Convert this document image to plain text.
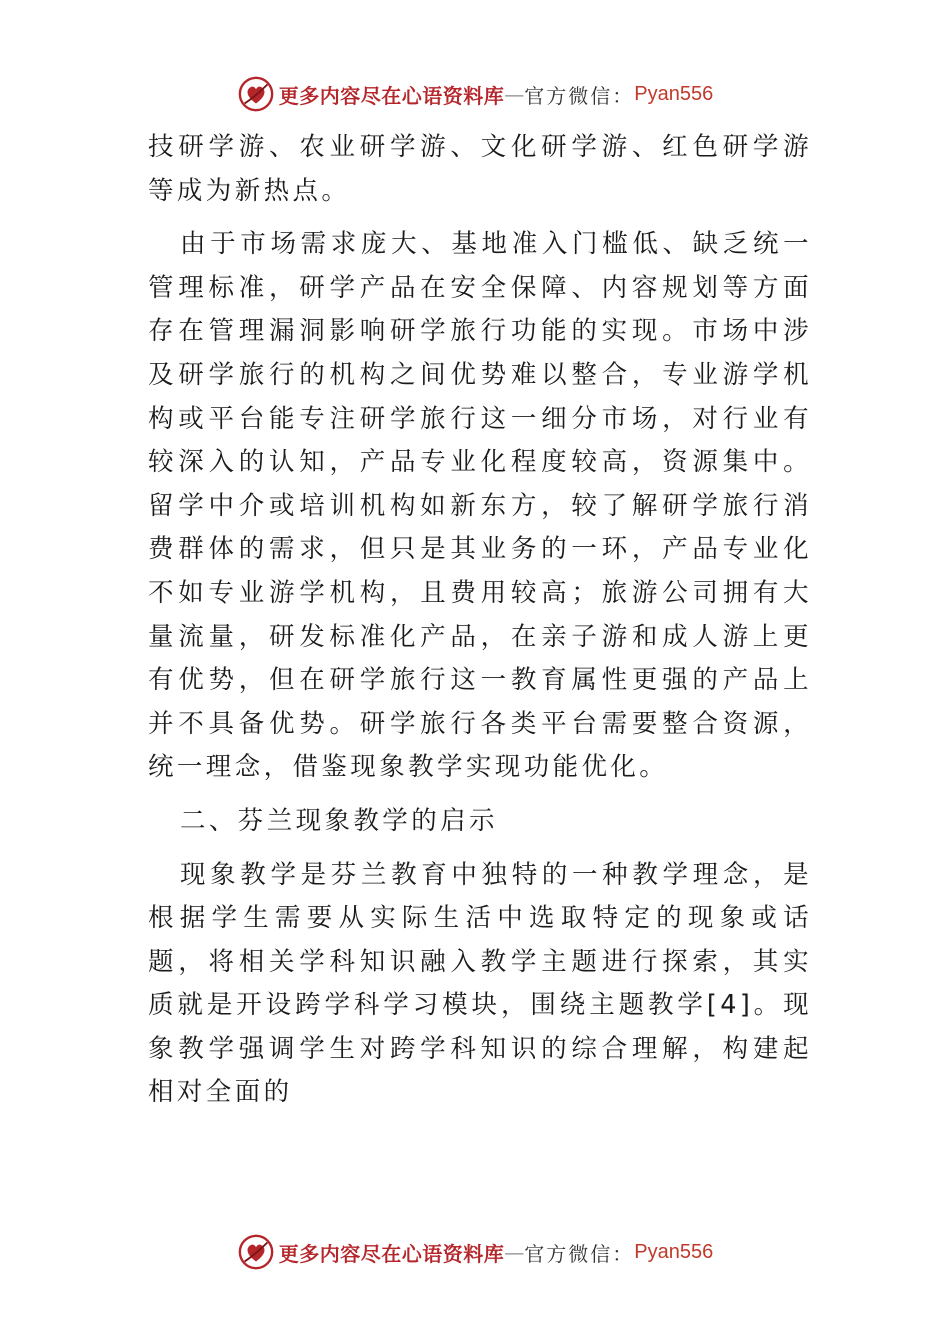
更多内容尽在心语资料库 — 官方微信： Pyan556

技研学游、农业研学游、文化研学游、红色研学游等成为新热点。

由于市场需求庞大、基地准入门槛低、缺乏统一管理标准，研学产品在安全保障、内容规划等方面存在管理漏洞影响研学旅行功能的实现。市场中涉及研学旅行的机构之间优势难以整合，专业游学机构或平台能专注研学旅行这一细分市场，对行业有较深入的认知，产品专业化程度较高，资源集中。留学中介或培训机构如新东方，较了解研学旅行消费群体的需求，但只是其业务的一环，产品专业化不如专业游学机构，且费用较高；旅游公司拥有大量流量，研发标准化产品，在亲子游和成人游上更有优势，但在研学旅行这一教育属性更强的产品上并不具备优势。研学旅行各类平台需要整合资源，统一理念，借鉴现象教学实现功能优化。

二、芬兰现象教学的启示

现象教学是芬兰教育中独特的一种教学理念，是根据学生需要从实际生活中选取特定的现象或话题，将相关学科知识融入教学主题进行探索，其实质就是开设跨学科学习模块，围绕主题教学[4]。现象教学强调学生对跨学科知识的综合理解，构建起相对全面的

更多内容尽在心语资料库 — 官方微信： Pyan556
